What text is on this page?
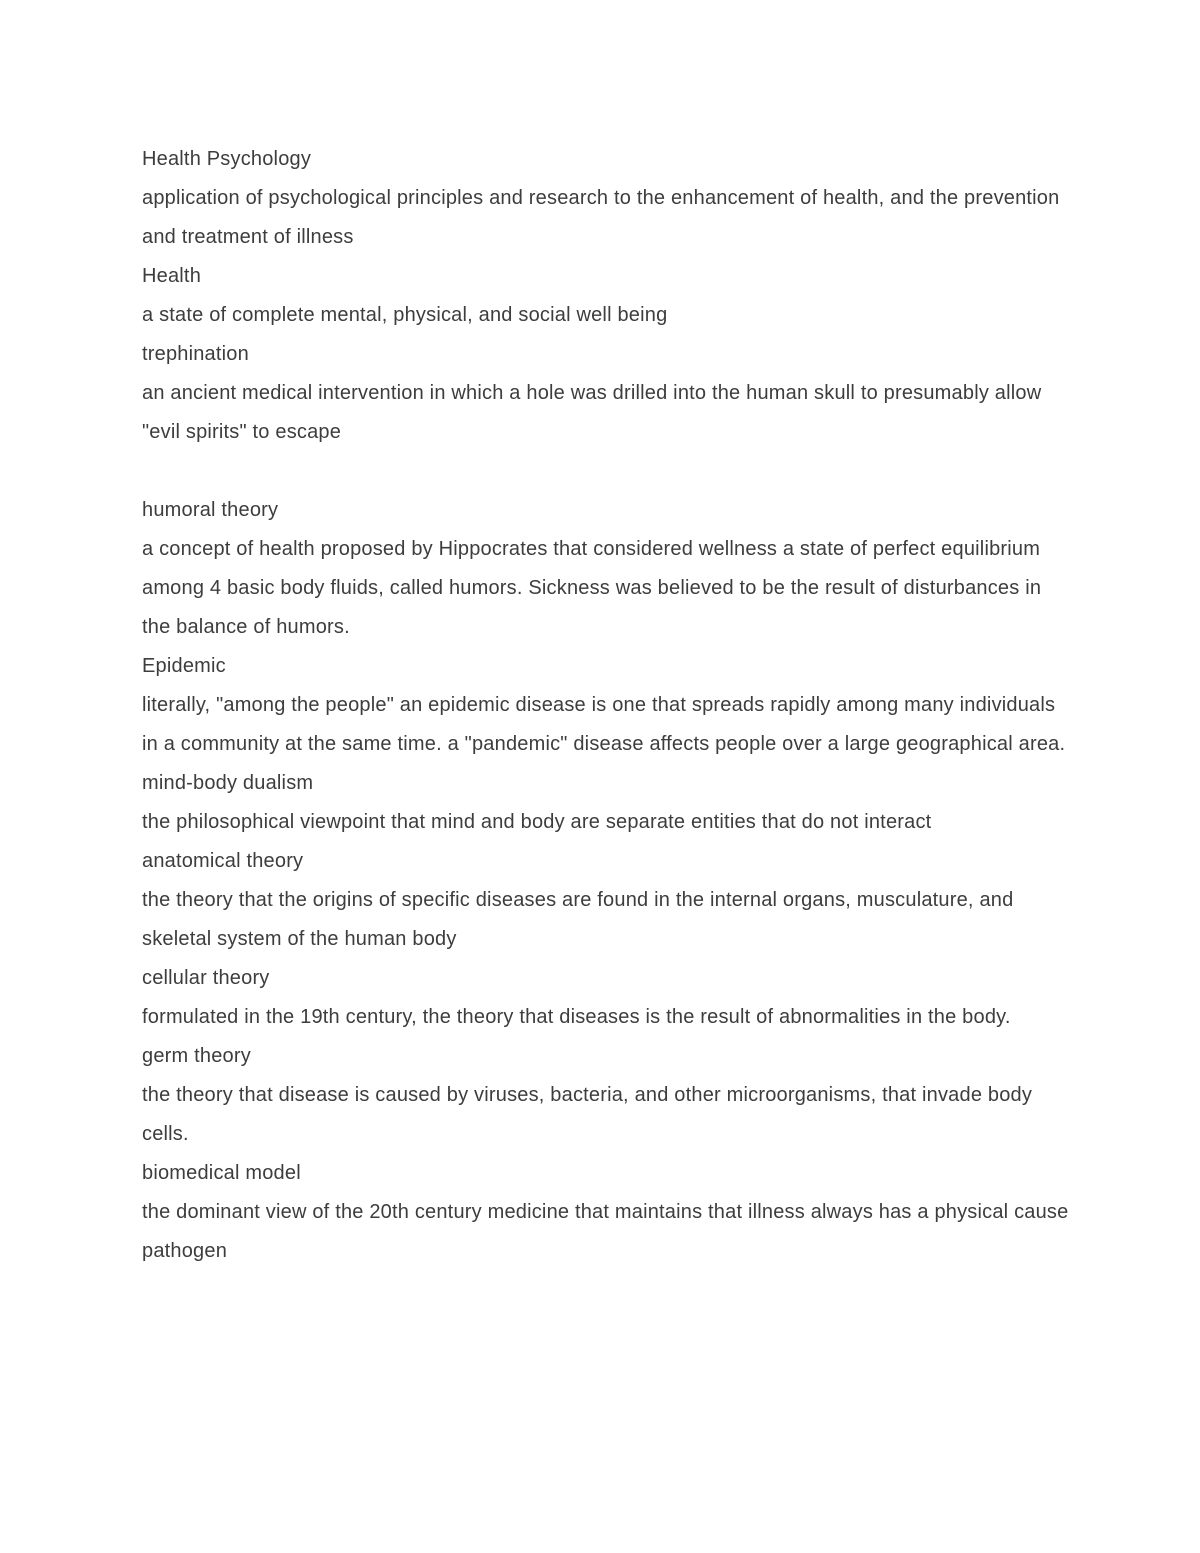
Health Psychology

application of psychological principles and research to the enhancement of health, and the prevention and treatment of illness

Health

a state of complete mental, physical, and social well being

trephination

an ancient medical intervention in which a hole was drilled into the human skull to presumably allow "evil spirits" to escape

humoral theory

a concept of health proposed by Hippocrates that considered wellness a state of perfect equilibrium among 4 basic body fluids, called humors. Sickness was believed to be the result of disturbances in the balance of humors.

Epidemic

literally, "among the people" an epidemic disease is one that spreads rapidly among many individuals in a community at the same time. a "pandemic" disease affects people over a large geographical area.

mind-body dualism

the philosophical viewpoint that mind and body are separate entities that do not interact

anatomical theory

the theory that the origins of specific diseases are found in the internal organs, musculature, and skeletal system of the human body

cellular theory

formulated in the 19th century, the theory that diseases is the result of abnormalities in the body.

germ theory

the theory that disease is caused by viruses, bacteria, and other microorganisms, that invade body cells.

biomedical model

the dominant view of the 20th century medicine that maintains that illness always has a physical cause

pathogen
